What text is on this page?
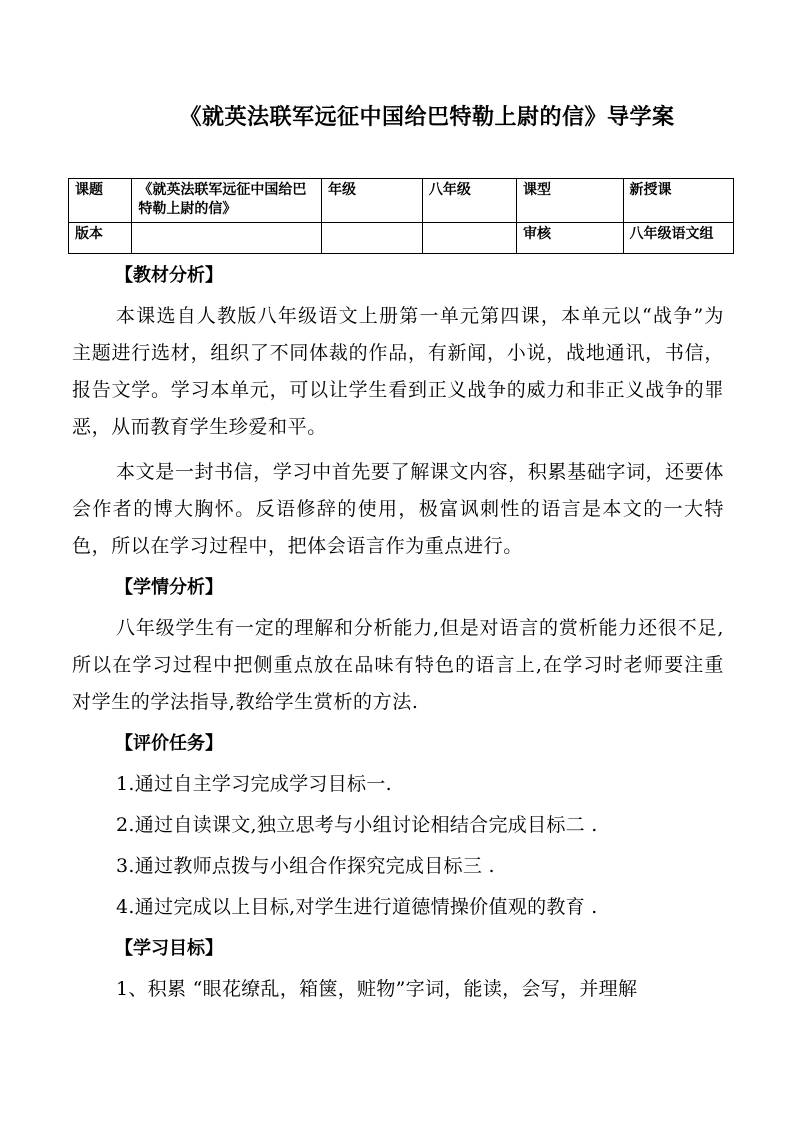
《就英法联军远征中国给巴特勒上尉的信》导学案
课题	《就英法联军远征中国给巴特勒上尉的信》	年级	八年级	课型	新授课
版本				审核	八年级语文组
【教材分析】

本课选自人教版八年级语文上册第一单元第四课，本单元以“战争”为主题进行选材，组织了不同体裁的作品，有新闻，小说，战地通讯，书信，报告文学。学习本单元，可以让学生看到正义战争的威力和非正义战争的罪恶，从而教育学生珍爱和平。

本文是一封书信，学习中首先要了解课文内容，积累基础字词，还要体会作者的博大胸怀。反语修辞的使用，极富讽刺性的语言是本文的一大特色，所以在学习过程中，把体会语言作为重点进行。

【学情分析】

八年级学生有一定的理解和分析能力,但是对语言的赏析能力还很不足,所以在学习过程中把侧重点放在品味有特色的语言上,在学习时老师要注重对学生的学法指导,教给学生赏析的方法.

【评价任务】

1.通过自主学习完成学习目标一.

2.通过自读课文,独立思考与小组讨论相结合完成目标二 .

3.通过教师点拨与小组合作探究完成目标三 .

4.通过完成以上目标,对学生进行道德情操价值观的教育 .

【学习目标】

1、积累 “眼花缭乱，箱箧，赃物”字词，能读，会写，并理解
